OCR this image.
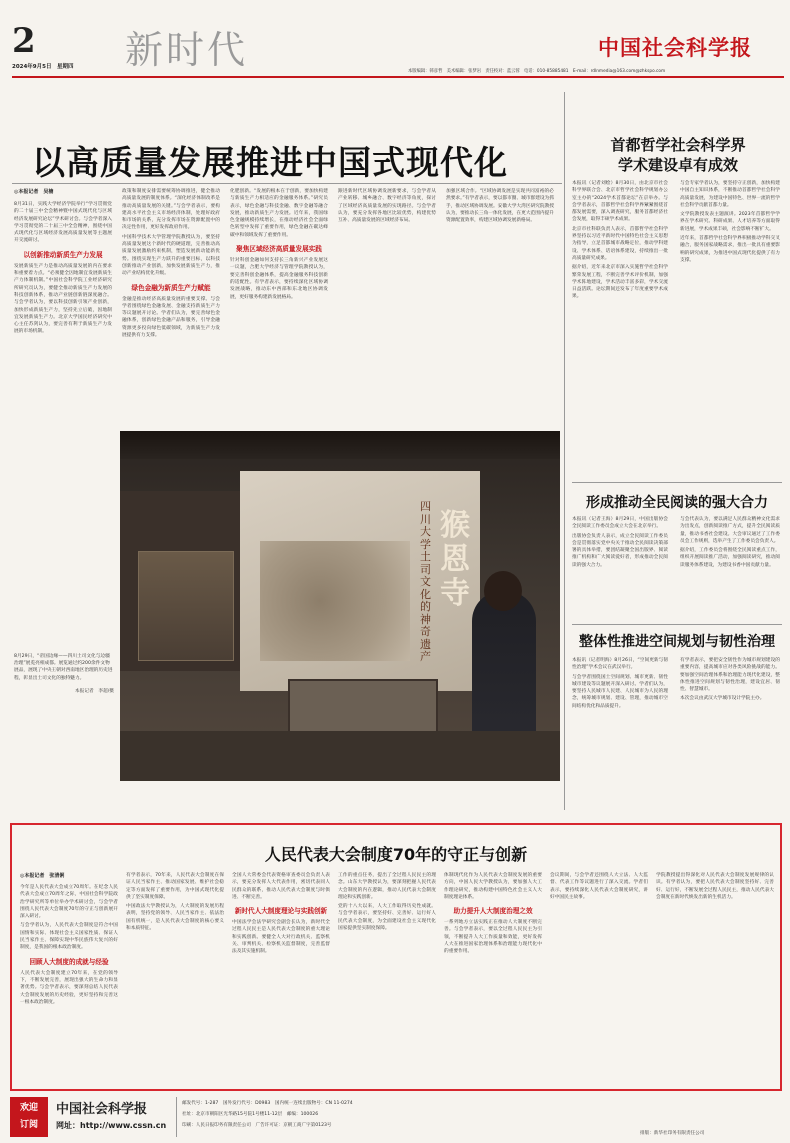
2
2024年9月5日　星期四 新时代	中国社会科学报
本版编辑：韩彦哲　美术编辑：张梦岩　责任校对：蓝云蓉　电话：010-85885481　E-mail：rdlnmedia@163.com@zhkspo.com
以高质量发展推进中国式现代化
◎本报记者　吴楠
8月31日，实践大学经济学院举行“学习贯彻党的二十届三中全会精神暨中国式现代化与区域经济发展研究论坛”学术研讨会。与会学者深入学习贯彻党的二十届三中全会精神，围绕中国式现代化与区域经济发展高质量发展等主题展开交流研讨。
以创新推动新质生产力发展
发展新质生产力是推动高质量发展的内在要求和重要着力点。“必须健全因地制宜发展新质生产力体制机制。”中国社会科学院工业经济研究所研究员认为，要健全推动新质生产力发展的科技创新体系，推动产业链创新链深度融合。与会学者认为，要以科技创新引领产业创新，加快形成新质生产力，坚持先立后破，因地制宜发展新质生产力。北京大学国民经济研究中心主任苏剑认为，要完善有利于新质生产力发展的市场机制。
政策和制度安排需要统筹协调推进，健全推动高质量发展的制度体系。“深化经济体制改革是推动高质量发展的关键。”与会学者表示，要构建高水平社会主义市场经济体制，处理好政府和市场的关系，充分发挥市场在资源配置中的决定性作用，更好发挥政府作用。
中国科学技术大学管理学院教授认为，要坚持高质量发展这个新时代的硬道理，完善推动高质量发展激励约束机制，塑造发展新动能新优势。围绕实现生产力跃升的重要目标，以科技创新推动产业创新，加快发展新质生产力，推动产业结构优化升级。
绿色金融为新质生产力赋能
金融是推动经济高质量发展的重要支撑。与会学者围绕绿色金融发展、金融支持新质生产力等议题展开讨论。学者们认为，要完善绿色金融体系，创新绿色金融产品和服务，引导金融资源更多投向绿色低碳领域，为新质生产力发展提供有力支撑。
化肥创新。“发展的根本在于创新，要加快构建与新质生产力相适应的金融服务体系。”研究员表示，绿色金融与科技金融、数字金融等融合发展，推动新质生产力发展。近年来，我国绿色金融规模持续增长，在推动经济社会全面绿色转型中发挥了重要作用，绿色金融在碳达峰碳中和领域发挥了重要作用。
聚焦区域经济高质量发展实践
针对科创金融如何支持长三角新兴产业发展这一议题，合肥大学经济与管理学院教授认为，要完善科创金融体系，提高金融服务科技创新的适配性。有学者表示，要持续深化区域协调发展战略，推动东中西部和东北地区协调发展，更好服务构建新发展格局。
跟进新时代区域协调发展新要求，与会学者从产业转移、城乡融合、数字经济等角度，探讨了区域经济高质量发展的实现路径。与会学者认为，要充分发挥各地区比较优势，构建优势互补、高质量发展的区域经济布局。
加强区域合作。“区域协调发展是实现共同富裕的必然要求。”有学者表示，要以都市圈、城市群建设为抓手，推动区域协调发展。安徽大学大湾区研究院教授认为，要推动长三角一体化发展，在更大范围内提升资源配置效率，构建区域协调发展新格局。
猴恩寺
四川大学土司文化的神奇遗产
8月29日，“帝国边缘——四川土司文化与边疆治理”展览亮相成都。展览通过约200余件文物展品，展现了中央王朝对西南地区治理的历史进程，彰显出土司文化的独特魅力。
本报记者　李超/摄
首都哲学社会科学界
学术建设卓有成效
本报讯（记者刘绘）8月30日，由北京市社会科学界联合会、北京市哲学社会科学规划办公室主办的“2024学术首都论坛”在京举办。与会学者表示，首都哲学社会科学界紧紧围绕首都发展需要，深入调查研究，服务首都经济社会发展，取得丰硕学术成果。
北京市社科联负责人表示，首都哲学社会科学界坚持以习近平新时代中国特色社会主义思想为指导，立足首都城市战略定位，推动学科建设、学术体系、话语体系建设，持续推出一批高质量研究成果。
据介绍，近年来北京市深入实施哲学社会科学繁荣发展工程，不断完善学术评价机制，加强学术阵地建设，学术活动丰富多彩，学术交流日益活跃。论坛期间还发布了年度重要学术成果。
与会专家学者认为，要坚持守正创新，加快构建中国自主知识体系，不断推动首都哲学社会科学高质量发展，为建设中国特色、世界一流的哲学社会科学贡献首都力量。
文学院教授发表主题演讲。2023年首都哲学学界在学术研究、科研成果、人才培养等方面取得新进展，学术成果丰硕，社会影响不断扩大。
近年来，首都哲学社会科学界积极推动学科交叉融合，服务国家战略需求，推出一批具有重要影响的研究成果，为推进中国式现代化提供了有力支撑。
形成推动全民阅读的强大合力
本报讯（记者王海）8月29日，中国出版协会全民阅读工作委员会成立大会在北京举行。
出版协会负责人表示，成立全民阅读工作委员会是贯彻落实党中央关于推动全民阅读决策部署的具体举措，要团结凝聚全国出版界、阅读推广机构和广大阅读爱好者，形成推动全民阅读的强大合力。
与会代表认为，要以满足人民群众精神文化需求为出发点，创新阅读推广方式，提升全民阅读质量，推动书香社会建设。大会审议通过了工作委员会工作规则，选举产生了工作委员会负责人。
据介绍，工作委员会将围绕全民阅读重点工作，组织开展阅读推广活动，加强阅读研究，推动阅读服务体系建设，为建设书香中国贡献力量。
整体性推进空间规划与韧性治理
本报讯（记者明海）8月26日，“空间更新与韧性治理”学术会议在武汉举行。
与会学者围绕国土空间规划、城市更新、韧性城市建设等议题展开深入研讨。学者们认为，要坚持人民城市人民建、人民城市为人民的理念，统筹城市规划、建设、管理，推动城市空间结构优化和品质提升。
有学者表示，要把安全韧性作为城市规划建设的重要内容，提高城市应对各类风险挑战的能力。要加强空间治理体系和治理能力现代化建设，整体性推进空间规划与韧性治理，建设宜居、韧性、智慧城市。
本次会议由武汉大学城市设计学院主办。
人民代表大会制度70年的守正与创新
◎本报记者　张清俐
今年是人民代表大会成立70周年。在纪念人民代表大会成立70周年之际，中国社会科学院政治学研究所等单位举办学术研讨会，与会学者围绕人民代表大会制度70年的守正与创新展开深入研讨。
与会学者认为，人民代表大会制度是符合中国国情和实际、体现社会主义国家性质、保证人民当家作主、保障实现中华民族伟大复兴的好制度，是我国的根本政治制度。
回顾人大制度的成就与经验
人民代表大会制度建立70年来，在党的领导下，不断发展完善，展现出强大的生命力和显著优势。与会学者表示，要深刻总结人民代表大会制度发展的历史经验，更好坚持和完善这一根本政治制度。
有学者表示，70年来，人民代表大会制度在保证人民当家作主、推动国家发展、维护社会稳定等方面发挥了重要作用，为中国式现代化提供了坚实制度保障。
中国政法大学教授认为，人大制度的发展历程表明，坚持党的领导、人民当家作主、依法治国有机统一，是人民代表大会制度的核心要义和本质特征。
全国人大常委会代表资格审查委员会负责人表示，要充分发挥人大代表作用，密切代表同人民群众的联系，推动人民代表大会制度与时俱进、不断完善。
新时代人大制度理论与实践创新
中国法学会法学研究会副会长认为，新时代全过程人民民主是人民代表大会制度的重大理论和实践创新。要健全人大对行政机关、监察机关、审判机关、检察机关监督制度，完善监督法及其实施机制。
工作的重点任务，提出了全过程人民民主的理念。山东大学教授认为，要深刻把握人民代表大会制度的内在逻辑，推动人民代表大会制度理论和实践创新。
党的十八大以来，人大工作取得历史性成就。与会学者表示，要坚持好、完善好、运行好人民代表大会制度，为全面建设社会主义现代化国家提供坚实制度保障。
体制现代化作为人民代表大会制度发展的重要方向，中国人民大学教授认为，要加强人大工作理论研究，推动构建中国特色社会主义人大制度理论体系。
助力提升人大制度治理之效
一系列地方立法实践正在推动人大制度不断完善。与会学者表示，要以全过程人民民主为引领，不断提升人大工作质量和效能，更好发挥人大在推进国家治理体系和治理能力现代化中的重要作用。
会议期间，与会学者还围绕人大立法、人大监督、代表工作等议题进行了深入交流。学者们表示，要持续深化人民代表大会制度研究，讲好中国民主故事。
学院教授提出得深化对人民代表大会制度发展规律的认识。有学者认为，要把人民代表大会制度坚持好、完善好、运行好，不断发展全过程人民民主，推动人民代表大会制度在新时代焕发出新的生机活力。
欢迎
订阅
中国社会科学报
网址：http://www.cssn.cn
邮发代号：1-287　国外发行代号：D0983　国内统一连续出版物号：CN 11-0274
社址：北京市朝阳区光华路15号院1号楼11-12层　邮编：100026
印刷：人民日报印务有限责任公司　广告许可证：京朝工商广字第0123号
排版：新华社印务有限责任公司
